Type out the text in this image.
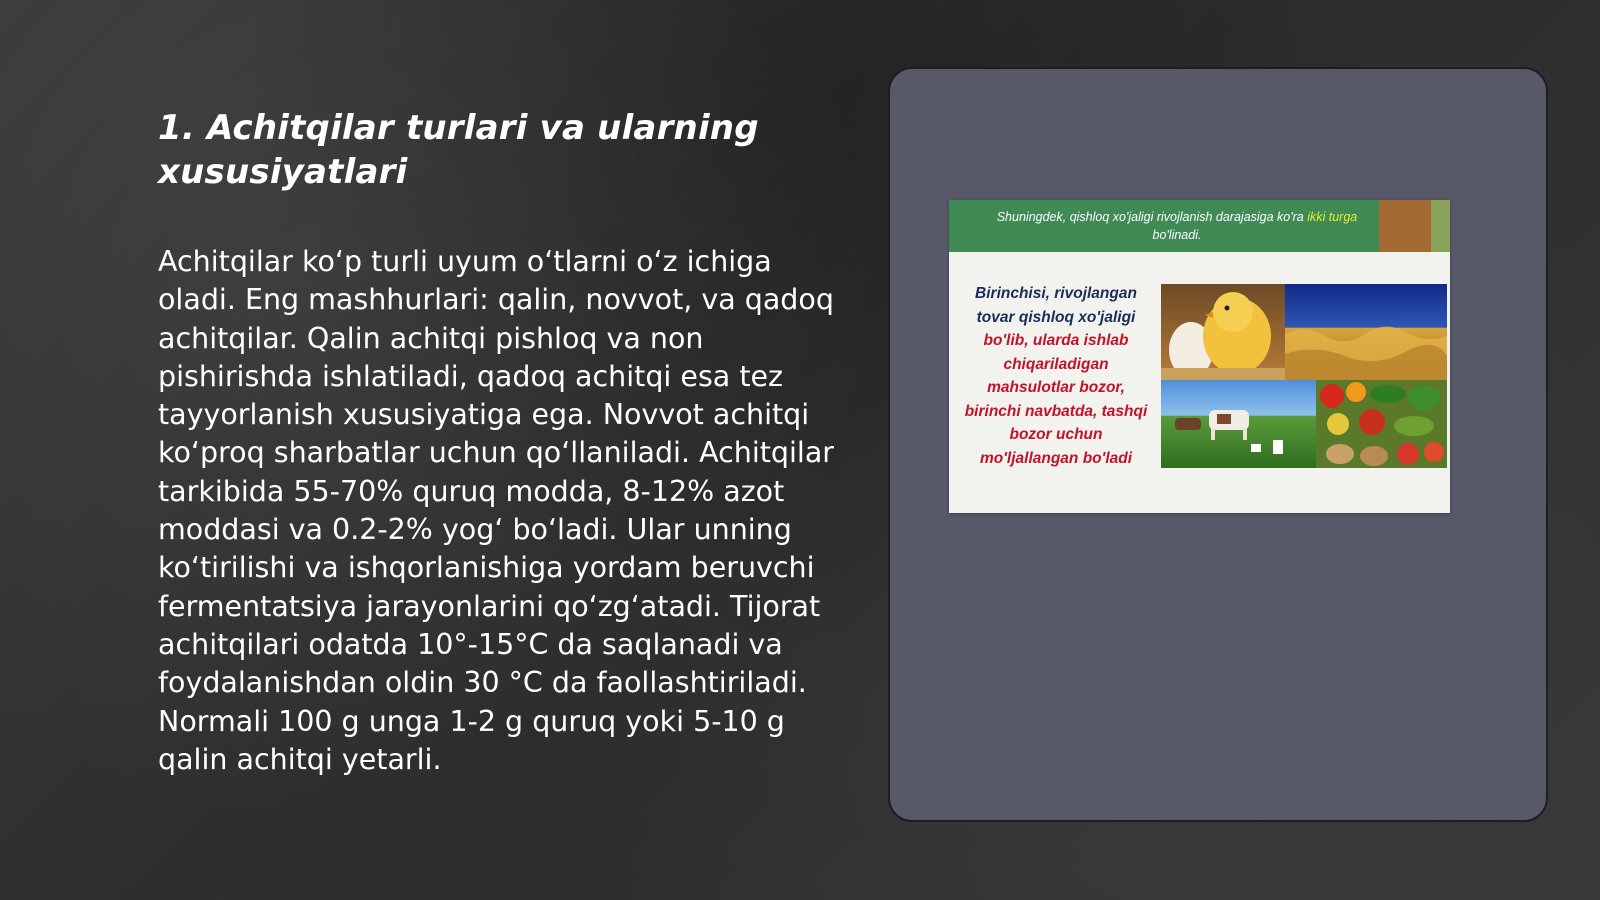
1. Achitqilar turlari va ularning xususiyatlari

Achitqilar ko‘p turli uyum o‘tlarni o‘z ichiga oladi. Eng mashhurlari: qalin, novvot, va qadoq achitqilar. Qalin achitqi pishloq va non pishirishda ishlatiladi, qadoq achitqi esa tez tayyorlanish xususiyatiga ega. Novvot achitqi ko‘proq sharbatlar uchun qo‘llaniladi. Achitqilar tarkibida 55-70% quruq modda, 8-12% azot moddasi va 0.2-2% yog‘ bo‘ladi. Ular unning ko‘tirilishi va ishqorlanishiga yordam beruvchi fermentatsiya jarayonlarini qo‘zg‘atadi. Tijorat achitqilari odatda 10°-15°C da saqlanadi va foydalanishdan oldin 30 °C da faollashtiriladi. Normali 100 g unga 1-2 g quruq yoki 5-10 g qalin achitqi yetarli.

Shuningdek, qishloq xo'jaligi rivojlanish darajasiga ko'ra ikki turga bo'linadi.
Birinchisi, rivojlangan tovar qishloq xo'jaligi bo'lib, ularda ishlab chiqariladigan mahsulotlar bozor, birinchi navbatda, tashqi bozor uchun mo'ljallangan bo'ladi
